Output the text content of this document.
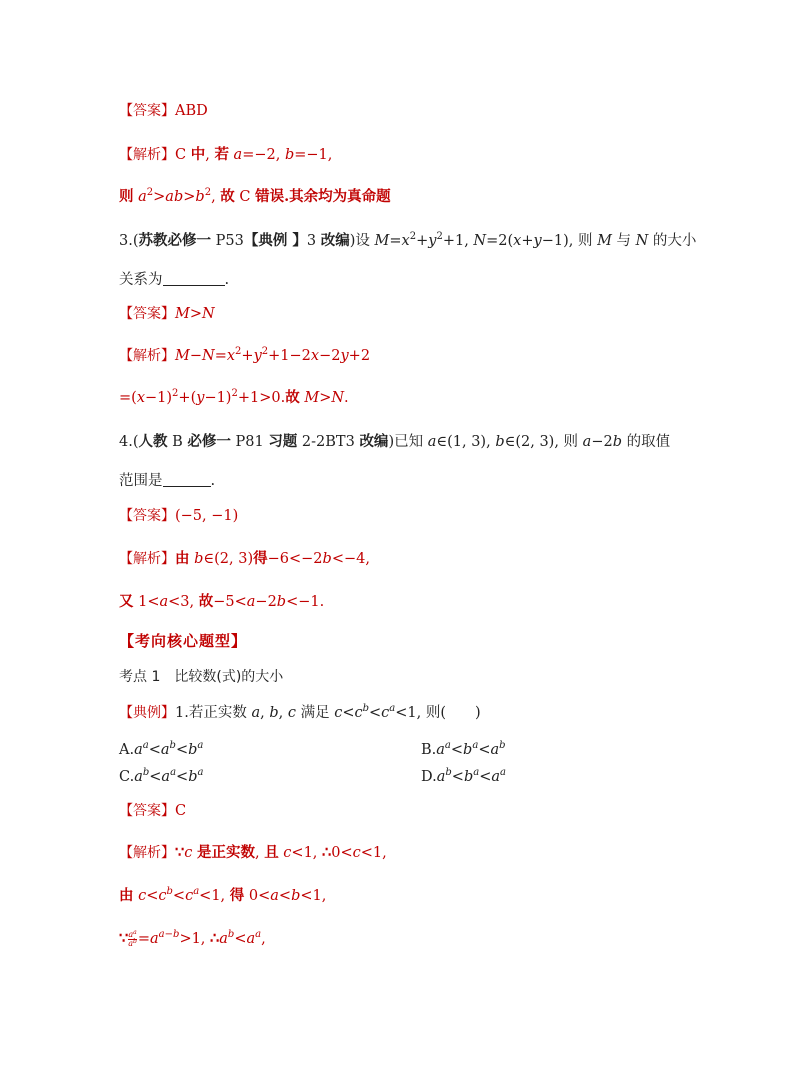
【答案】ABD
【解析】C 中, 若 a=−2, b=−1,
则 $a^2>ab>b^2$, 故 C 错误.其余均为真命题
3.(苏教必修一 P53【典例 】3 改编)设 $M=x^2+y^2+1$, N=2(x+y−1), 则 M 与 N 的大小
关系为	.
【答案】M>N
【解析】$M-N=x^2+y^2+1-2x-2y+2$
$=(x-1)^2+(y-1)^2+1>0$.故 M>N.
4.(人教 B 必修一 P81 习题 2-2BT3 改编)已知 a∈(1, 3), b∈(2, 3), 则 a−2b 的取值
范围是	.
【答案】(−5, −1)
【解析】由 b∈(2, 3)得−6<−2b<−4,
又 1<a<3, 故−5<a−2b<−1.
【考向核心题型】
考点 1　比较数(式)的大小
【典例】1.若正实数 a, b, c 满足 $c<c^b<c^a<1$, 则(　　)
$A.a^a<a^b<b^a$	$B.a^a<b^a<a^b$
$C.a^b<a^a<b^a$	$D.a^b<b^a<a^a$
【答案】C
【解析】∵c 是正实数, 且 c<1, ∴0<c<1,
由 $c<c^b<c^a<1$, 得 0<a<b<1,
∵ $\frac{a^a}{a^b} =a^{a-b}>1$, $\therefore a^b<a^a$,
